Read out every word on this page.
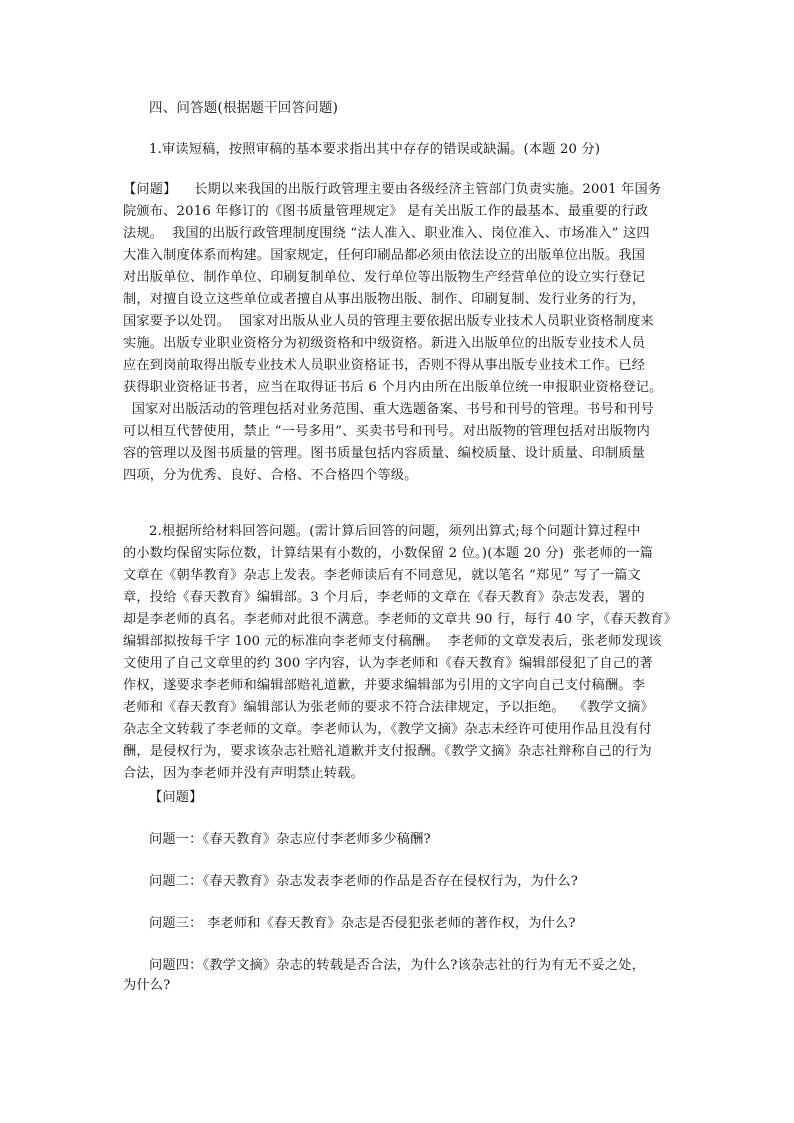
四、问答题(根据题干回答问题)
1.审读短稿，按照审稿的基本要求指出其中存存的错误或缺漏。(本题 20 分)
【问题】    长期以来我国的出版行政管理主要由各级经济主管部门负责实施。2001 年国务
院颁布、2016 年修订的《图书质量管理规定》 是有关出版工作的最基本、最重要的行政
法规。  我国的出版行政管理制度围绕 “法人准入、职业准入、岗位准入、市场准入” 这四
大准入制度体系而构建。国家规定，任何印刷品都必须由依法设立的出版单位出版。我国
对出版单位、制作单位、印刷复制单位、发行单位等出版物生产经营单位的设立实行登记
制，对擅自设立这些单位或者擅自从事出版物出版、制作、印刷复制、发行业务的行为，
国家要予以处罚。  国家对出版从业人员的管理主要依据出版专业技术人员职业资格制度来
实施。出版专业职业资格分为初级资格和中级资格。新进入出版单位的出版专业技术人员
应在到岗前取得出版专业技术人员职业资格证书，否则不得从事出版专业技术工作。已经
获得职业资格证书者，应当在取得证书后 6 个月内由所在出版单位统一申报职业资格登记。
国家对出版活动的管理包括对业务范围、重大选题备案、书号和刊号的管理。书号和刊号
可以相互代替使用，禁止 “一号多用”、买卖书号和刊号。对出版物的管理包括对出版物内
容的管理以及图书质量的管理。图书质量包括内容质量、编校质量、设计质量、印制质量
四项，分为优秀、良好、合格、不合格四个等级。
2.根据所给材料回答问题。(需计算后回答的问题，须列出算式;每个问题计算过程中
的小数均保留实际位数，计算结果有小数的，小数保留 2 位。)(本题 20 分)  张老师的一篇
文章在《朝华教育》杂志上发表。李老师读后有不同意见，就以笔名 “郑见” 写了一篇文
章，投给《春天教育》编辑部。3 个月后，李老师的文章在《春天教育》杂志发表，署的
却是李老师的真名。李老师对此很不满意。李老师的文章共 90 行，每行 40 字，《春天教育》
编辑部拟按每千字 100 元的标准向李老师支付稿酬。  李老师的文章发表后，张老师发现该
文使用了自己文章里的约 300 字内容，认为李老师和《春天教育》编辑部侵犯了自己的著
作权，遂要求李老师和编辑部赔礼道歉，并要求编辑部为引用的文字向自己支付稿酬。李
老师和《春天教育》编辑部认为张老师的要求不符合法律规定，予以拒绝。  《教学文摘》
杂志全文转载了李老师的文章。李老师认为，《教学文摘》杂志未经许可使用作品且没有付
酬，是侵权行为，要求该杂志社赔礼道歉并支付报酬。《教学文摘》杂志社辩称自己的行为
合法，因为李老师并没有声明禁止转载。
【问题】
问题一：《春天教育》杂志应付李老师多少稿酬?
问题二：《春天教育》杂志发表李老师的作品是否存在侵权行为，为什么?
问题三： 李老师和《春天教育》杂志是否侵犯张老师的著作权，为什么?
问题四：《教学文摘》杂志的转载是否合法，为什么?该杂志社的行为有无不妥之处，
为什么?
